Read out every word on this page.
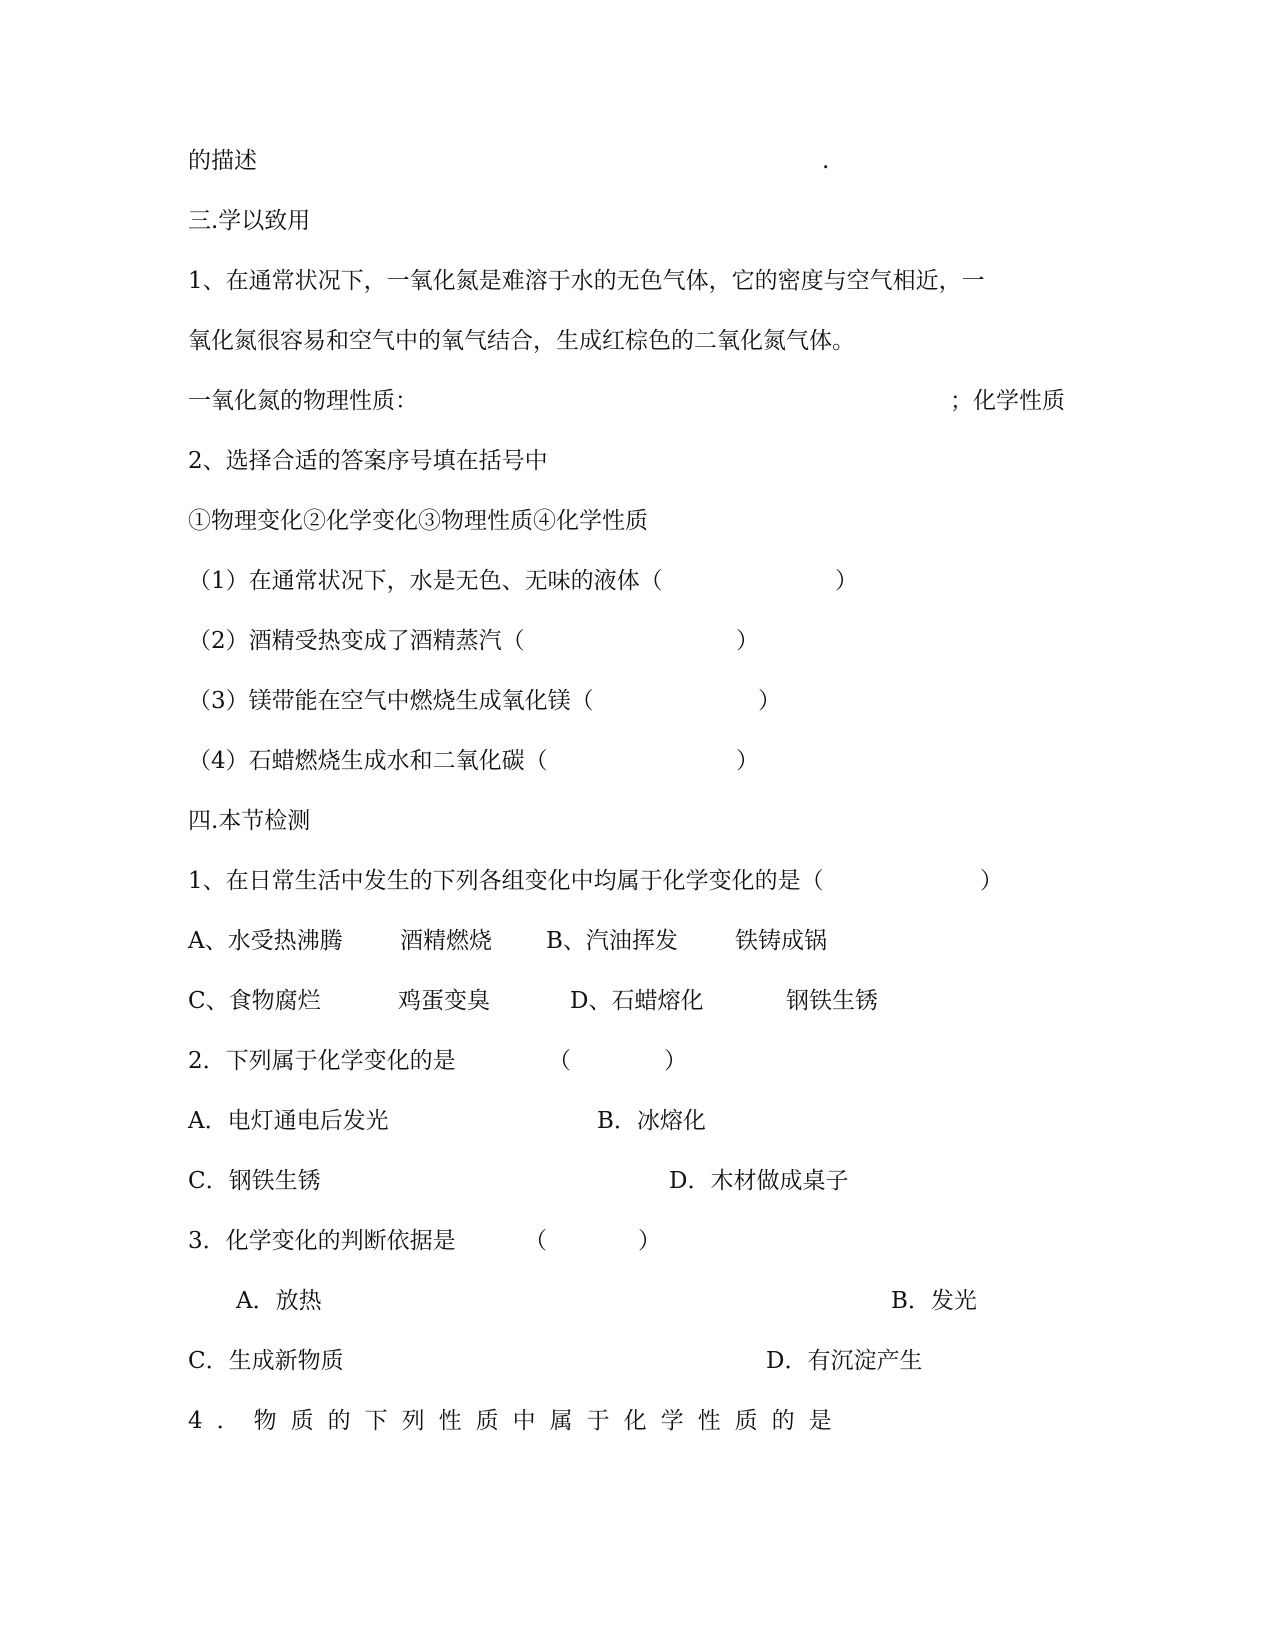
的描述	.
三.学以致用
1、在通常状况下，一氧化氮是难溶于水的无色气体，它的密度与空气相近，一
氧化氮很容易和空气中的氧气结合，生成红棕色的二氧化氮气体。
一氧化氮的物理性质：	；化学性质
2、选择合适的答案序号填在括号中
①物理变化②化学变化③物理性质④化学性质
（1）在通常状况下，水是无色、无味的液体（	）
（2）酒精受热变成了酒精蒸汽（	）
（3）镁带能在空气中燃烧生成氧化镁（	）
（4）石蜡燃烧生成水和二氧化碳（	）
四.本节检测
1、在日常生活中发生的下列各组变化中均属于化学变化的是（	）
A、水受热沸腾 酒精燃烧 B、汽油挥发 铁铸成锅
C、食物腐烂	鸡蛋变臭	D、石蜡熔化	钢铁生锈
2．下列属于化学变化的是	（	）
A．电灯通电后发光	B．冰熔化
C．钢铁生锈	D．木材做成桌子
3．化学变化的判断依据是	（	）
A．放热	B．发光
C．生成新物质	D．有沉淀产生
4．物质的下列性质中属于化学性质的是
